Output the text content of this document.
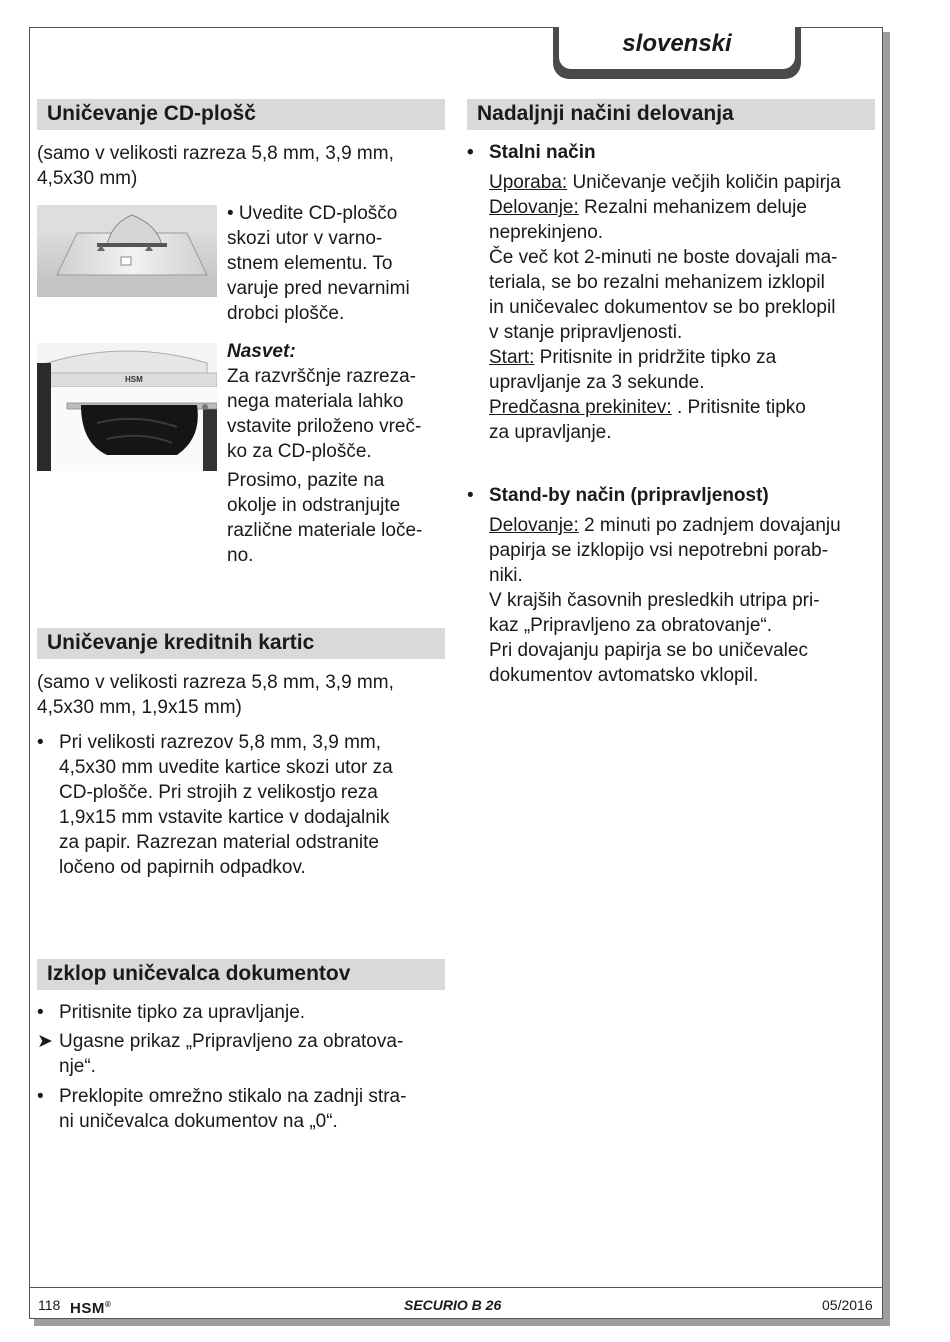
slovenski
Uničevanje CD-plošč
(samo v velikosti razreza 5,8 mm, 3,9 mm,
4,5x30 mm)
• Uvedite CD-ploščo
skozi utor v varno-
stnem elementu. To
varuje pred nevarnimi
drobci plošče.
HSM
Nasvet:
Za razvrščnje razreza-
nega materiala lahko
vstavite priloženo vreč-
ko za CD-plošče.
Prosimo, pazite na
okolje in odstranjujte
različne materiale loče-
no.
Uničevanje kreditnih kartic
(samo v velikosti razreza 5,8 mm, 3,9 mm,
4,5x30 mm, 1,9x15 mm)
• Pri velikosti razrezov 5,8 mm, 3,9 mm,
4,5x30 mm uvedite kartice skozi utor za
CD-plošče. Pri strojih z velikostjo reza
1,9x15 mm vstavite kartice v dodajalnik
za papir. Razrezan material odstranite
ločeno od papirnih odpadkov.
Izklop uničevalca dokumentov
• Pritisnite tipko za upravljanje.
➤ Ugasne prikaz „Pripravljeno za obratova-
nje“.
• Preklopite omrežno stikalo na zadnji stra-
ni uničevalca dokumentov na „0“.
Nadaljnji načini delovanja
• Stalni način
Uporaba: Uničevanje večjih količin papirja
Delovanje: Rezalni mehanizem deluje
neprekinjeno.
Če več kot 2-minuti ne boste dovajali ma-
teriala, se bo rezalni mehanizem izklopil
in uničevalec dokumentov se bo preklopil
v stanje pripravljenosti.
Start: Pritisnite in pridržite tipko za
upravljanje za 3 sekunde.
Predčasna prekinitev: . Pritisnite tipko
za upravljanje.
• Stand-by način (pripravljenost)
Delovanje: 2 minuti po zadnjem dovajanju
papirja se izklopijo vsi nepotrebni porab-
niki.
V krajših časovnih presledkih utripa pri-
kaz „Pripravljeno za obratovanje“.
Pri dovajanju papirja se bo uničevalec
dokumentov avtomatsko vklopil.
118 HSM®	SECURIO B 26	05/2016
